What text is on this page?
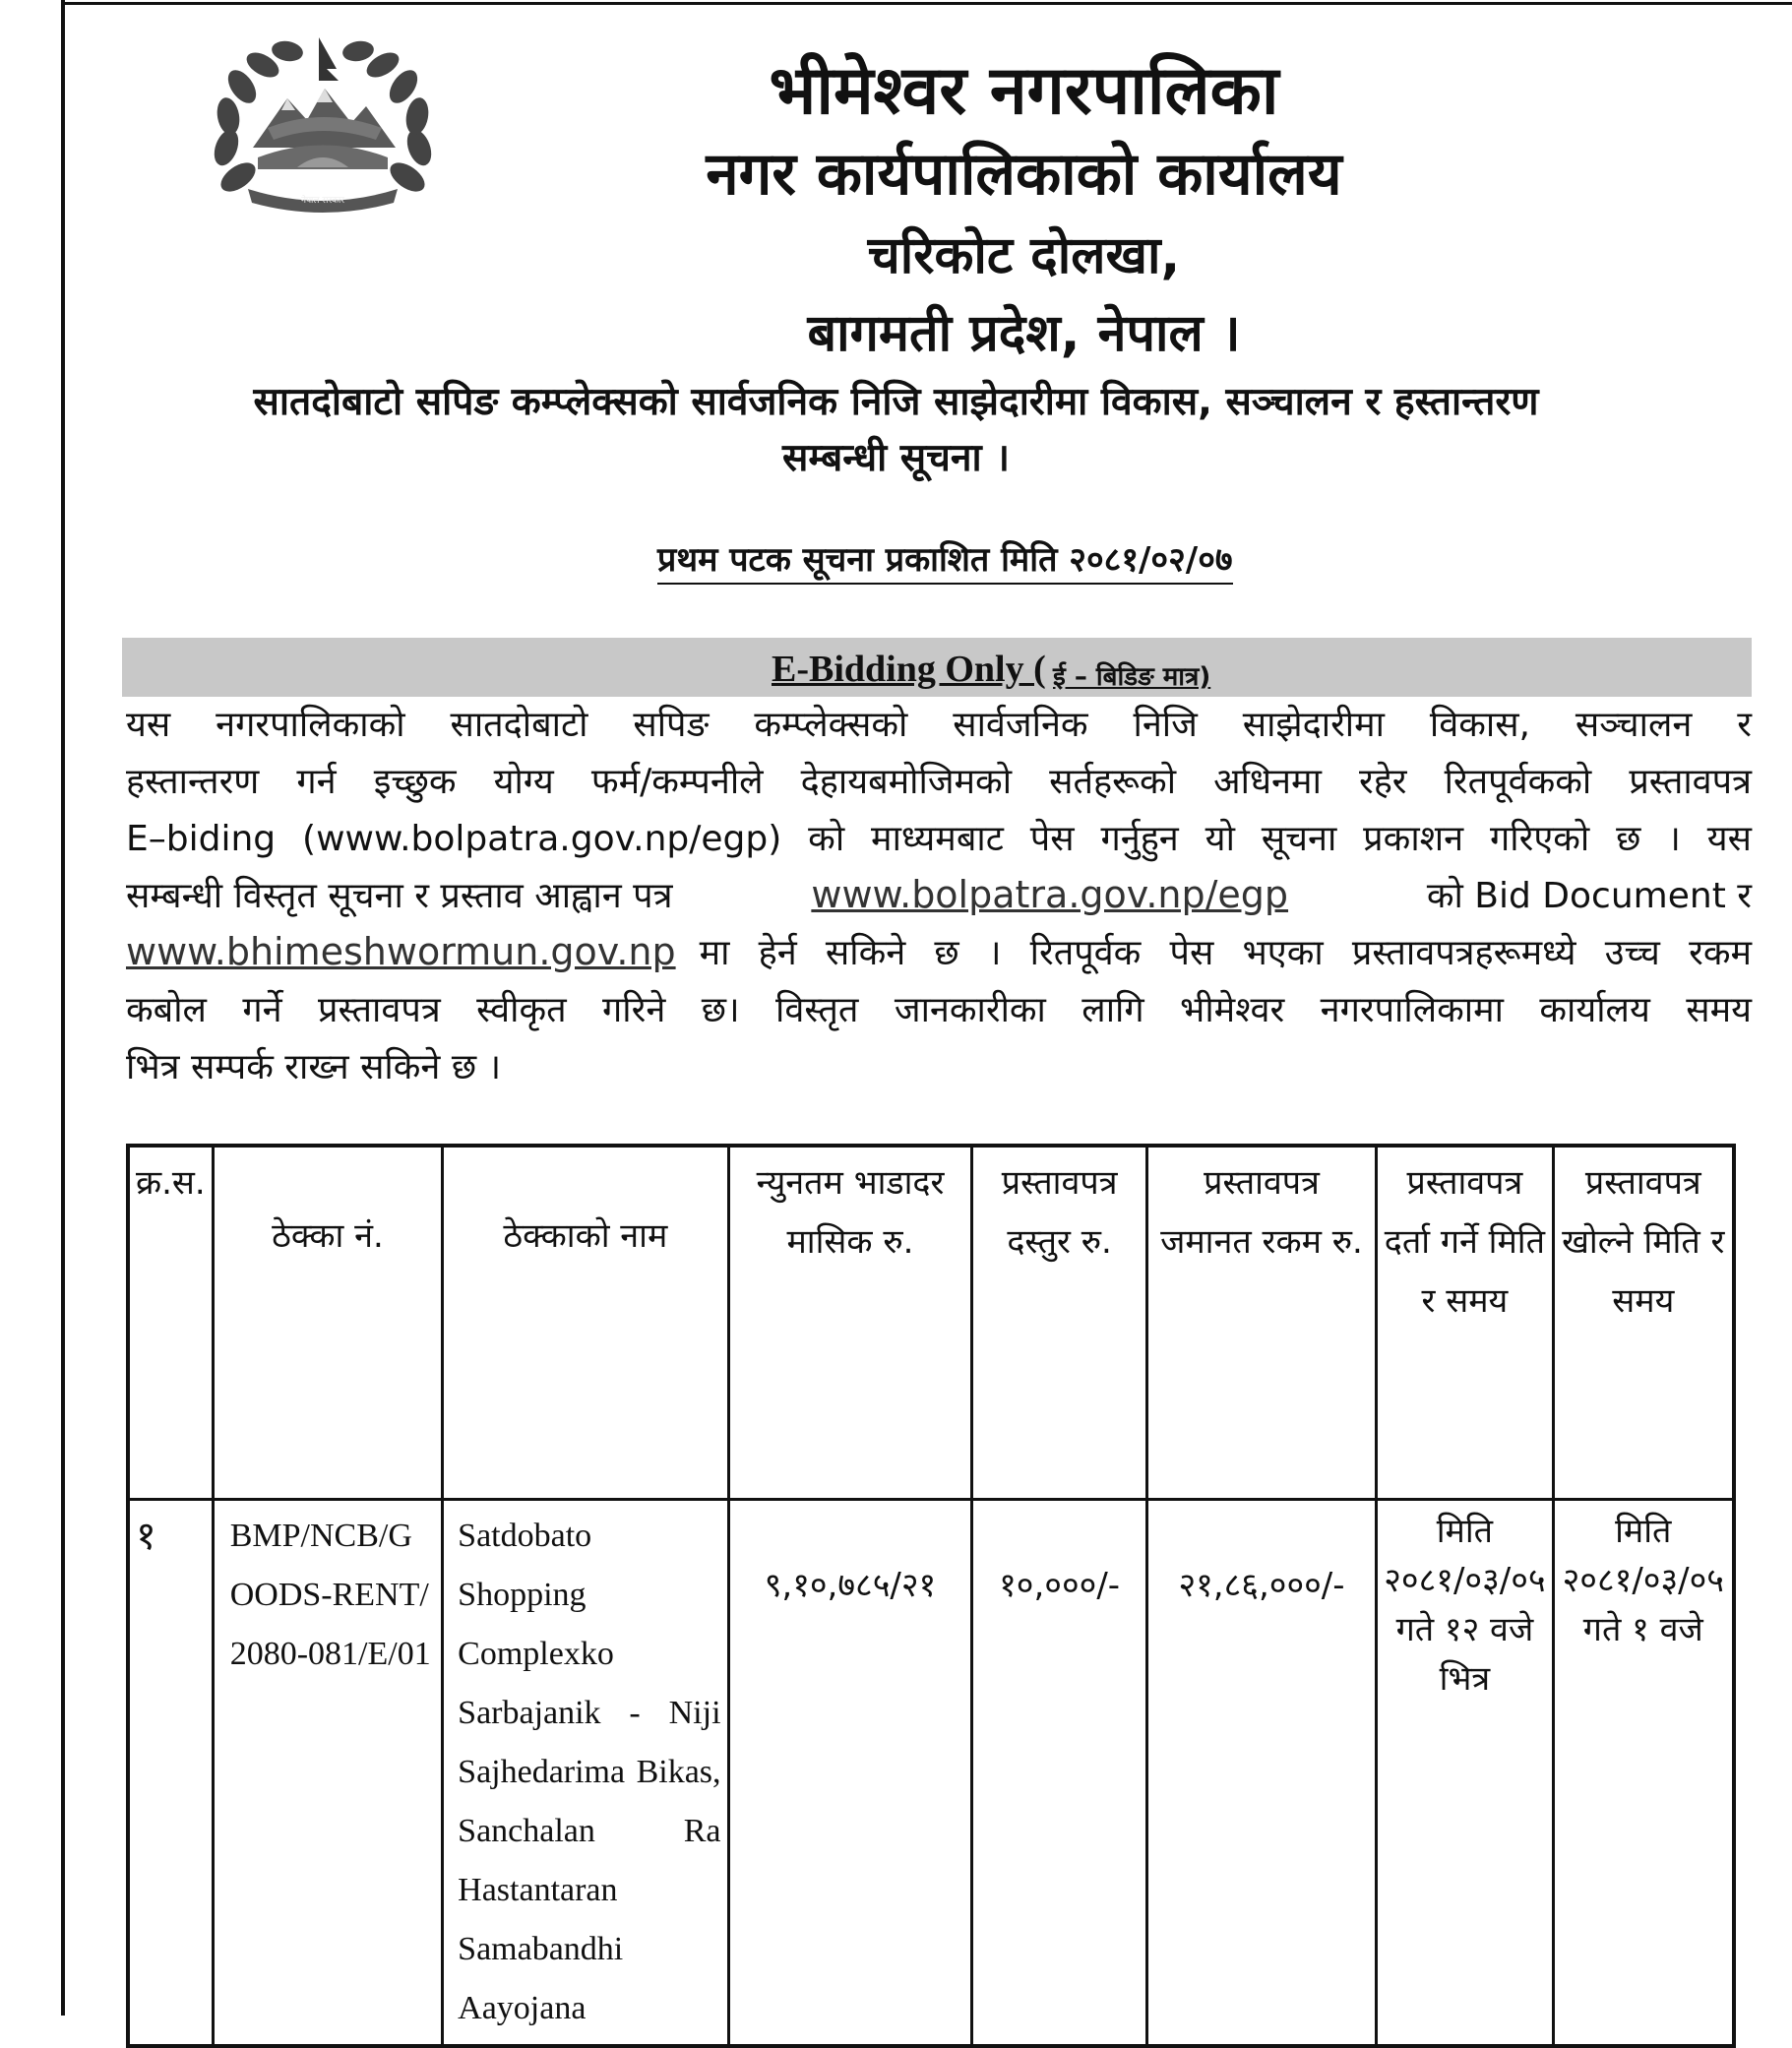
नेपाल सरकार
भीमेश्वर नगरपालिका
नगर कार्यपालिकाको कार्यालय
चरिकोट दोलखा,
बागमती प्रदेश, नेपाल ।
सातदोबाटो सपिङ कम्प्लेक्सको सार्वजनिक निजि साझेदारीमा विकास, सञ्चालन र हस्तान्तरण
सम्बन्धी सूचना ।
प्रथम पटक सूचना प्रकाशित मिति २०८१/०२/०७
E-Bidding Only ( ई – बिडिङ मात्र)
यस नगरपालिकाको सातदोबाटो सपिङ कम्प्लेक्सको सार्वजनिक निजि साझेदारीमा विकास, सञ्चालन र
हस्तान्तरण गर्न इच्छुक योग्य फर्म/कम्पनीले देहायबमोजिमको सर्तहरूको अधिनमा रहेर रितपूर्वकको प्रस्तावपत्र
E–biding (www.bolpatra.gov.np/egp) को माध्यमबाट पेस गर्नुहुन यो सूचना प्रकाशन गरिएको छ । यस
सम्बन्धी विस्तृत सूचना र प्रस्ताव आह्वान पत्र	www.bolpatra.gov.np/egp	को Bid Document र
www.bhimeshwormun.gov.np मा हेर्न सकिने छ । रितपूर्वक पेस भएका प्रस्तावपत्रहरूमध्ये उच्च रकम
कबोल गर्ने प्रस्तावपत्र स्वीकृत गरिने छ। विस्तृत जानकारीका लागि भीमेश्वर नगरपालिकामा कार्यालय समय
भित्र सम्पर्क राख्न सकिने छ ।
क्र.स.	ठेक्का नं.	ठेक्काको नाम	न्युनतम भाडादर मासिक रु.	प्रस्तावपत्र दस्तुर रु.	प्रस्तावपत्र जमानत रकम रु.	प्रस्तावपत्र दर्ता गर्ने मिति र समय	प्रस्तावपत्र खोल्ने मिति र समय
१	BMP/NCB/GOODS-RENT/2080-081/E/01	Satdobato Shopping Complexko Sarbajanik - Niji Sajhedarima Bikas, Sanchalan Ra Hastantaran Samabandhi Aayojana	९,१०,७८५/२१	१०,०००/-	२१,८६,०००/-	मिति २०८१/०३/०५ गते १२ वजे भित्र	मिति २०८१/०३/०५ गते १ वजे
